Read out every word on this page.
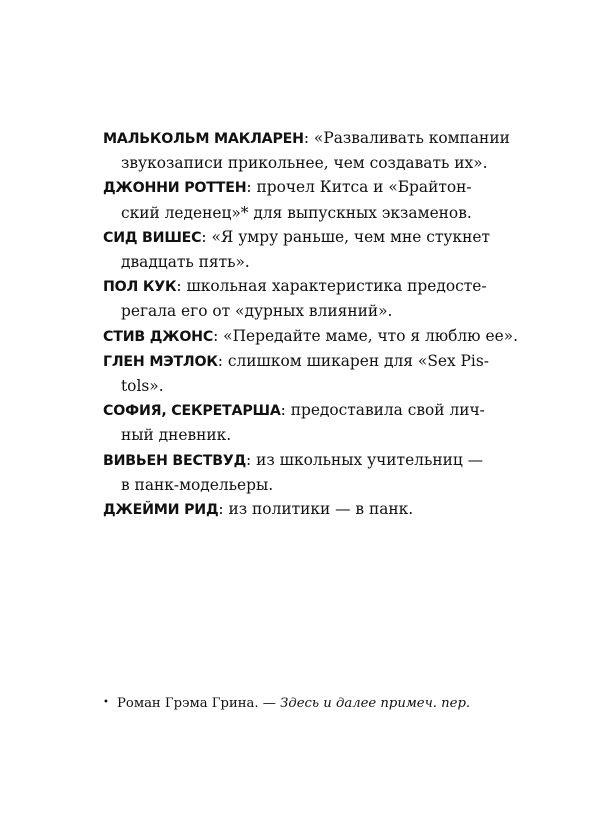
МАЛЬКОЛЬМ МАКЛАРЕН: «Разваливать компании
звукозаписи прикольнее, чем создавать их».

ДЖОННИ РОТТЕН: прочел Китса и «Брайтон-
ский леденец»* для выпускных экзаменов.

СИД ВИШЕС: «Я умру раньше, чем мне стукнет
двадцать пять».

ПОЛ КУК: школьная характеристика предосте-
регала его от «дурных влияний».

СТИВ ДЖОНС: «Передайте маме, что я люблю ее».

ГЛЕН МЭТЛОК: слишком шикарен для «Sex Pis-
tols».

СОФИЯ, СЕКРЕТАРША: предоставила свой лич-
ный дневник.

ВИВЬЕН ВЕСТВУД: из школьных учительниц —
в панк-модельеры.

ДЖЕЙМИ РИД: из политики — в панк.

• Роман Грэма Грина. — Здесь и далее примеч. пер.
